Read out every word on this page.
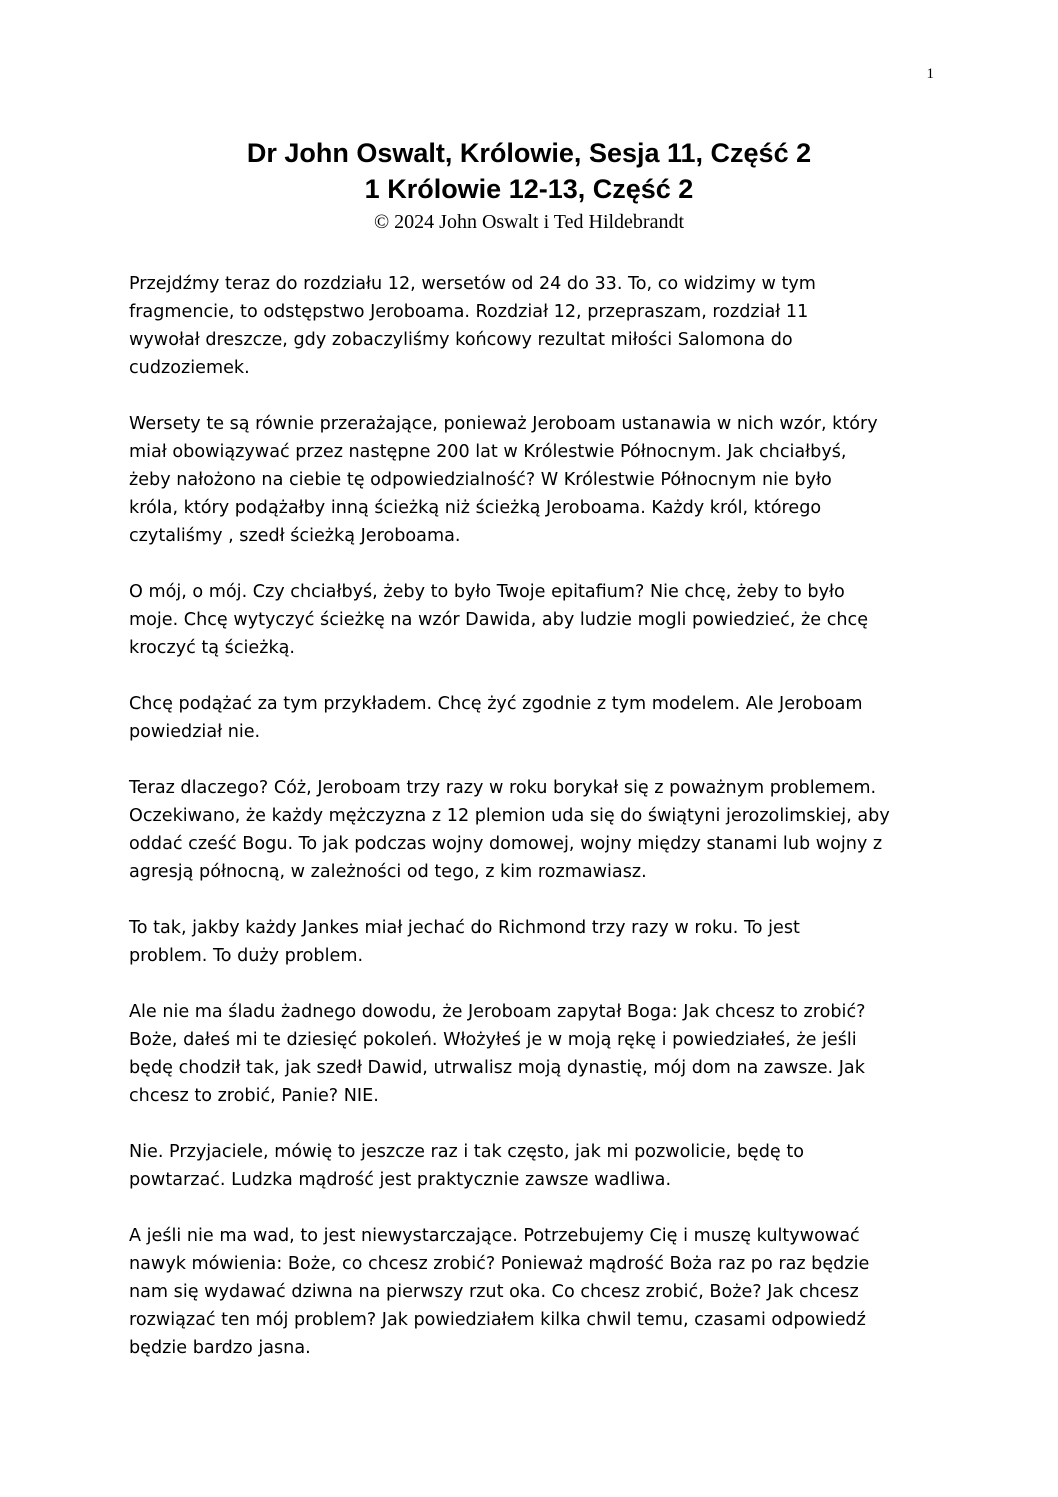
1
Dr John Oswalt, Królowie, Sesja 11, Część 2
1 Królowie 12-13, Część 2
© 2024 John Oswalt i Ted Hildebrandt
Przejdźmy teraz do rozdziału 12, wersetów od 24 do 33. To, co widzimy w tym
fragmencie, to odstępstwo Jeroboama. Rozdział 12, przepraszam, rozdział 11
wywołał dreszcze, gdy zobaczyliśmy końcowy rezultat miłości Salomona do
cudzoziemek.
Wersety te są równie przerażające, ponieważ Jeroboam ustanawia w nich wzór, który
miał obowiązywać przez następne 200 lat w Królestwie Północnym. Jak chciałbyś,
żeby nałożono na ciebie tę odpowiedzialność? W Królestwie Północnym nie było
króla, który podążałby inną ścieżką niż ścieżką Jeroboama. Każdy król, którego
czytaliśmy , szedł ścieżką Jeroboama.
O mój, o mój. Czy chciałbyś, żeby to było Twoje epitafium? Nie chcę, żeby to było
moje. Chcę wytyczyć ścieżkę na wzór Dawida, aby ludzie mogli powiedzieć, że chcę
kroczyć tą ścieżką.
Chcę podążać za tym przykładem. Chcę żyć zgodnie z tym modelem. Ale Jeroboam
powiedział nie.
Teraz dlaczego? Cóż, Jeroboam trzy razy w roku borykał się z poważnym problemem.
Oczekiwano, że każdy mężczyzna z 12 plemion uda się do świątyni jerozolimskiej, aby
oddać cześć Bogu. To jak podczas wojny domowej, wojny między stanami lub wojny z
agresją północną, w zależności od tego, z kim rozmawiasz.
To tak, jakby każdy Jankes miał jechać do Richmond trzy razy w roku. To jest
problem. To duży problem.
Ale nie ma śladu żadnego dowodu, że Jeroboam zapytał Boga: Jak chcesz to zrobić?
Boże, dałeś mi te dziesięć pokoleń. Włożyłeś je w moją rękę i powiedziałeś, że jeśli
będę chodził tak, jak szedł Dawid, utrwalisz moją dynastię, mój dom na zawsze. Jak
chcesz to zrobić, Panie? NIE.
Nie. Przyjaciele, mówię to jeszcze raz i tak często, jak mi pozwolicie, będę to
powtarzać. Ludzka mądrość jest praktycznie zawsze wadliwa.
A jeśli nie ma wad, to jest niewystarczające. Potrzebujemy Cię i muszę kultywować
nawyk mówienia: Boże, co chcesz zrobić? Ponieważ mądrość Boża raz po raz będzie
nam się wydawać dziwna na pierwszy rzut oka. Co chcesz zrobić, Boże? Jak chcesz
rozwiązać ten mój problem? Jak powiedziałem kilka chwil temu, czasami odpowiedź
będzie bardzo jasna.
